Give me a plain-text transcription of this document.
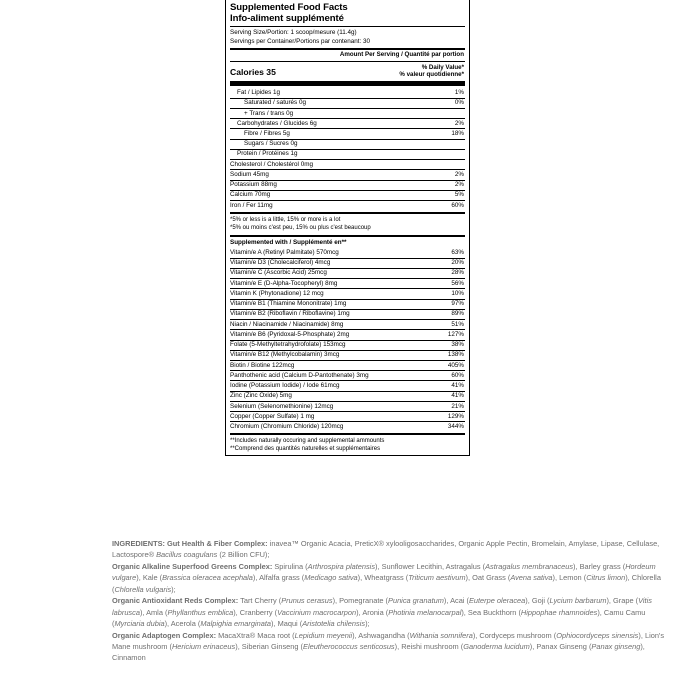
Supplemented Food Facts
Info-aliment supplémenté
Serving Size/Portion: 1 scoop/mesure (11.4g)
Servings per Container/Portions par contenant: 30
Amount Per Serving / Quantité par portion
Calories 35	% Daily Value*
% valeur quotidienne*
Fat / Lipides 1g	1%
Saturated / saturés 0g	0%
+ Trans / trans 0g
Carbohydrates / Glucides 6g	2%
Fibre / Fibres 5g	18%
Sugars / Sucres 0g
Protein / Protéines 1g
Cholesterol / Cholestérol 0mg
Sodium 45mg	2%
Potassium 88mg	2%
Calcium 70mg	5%
Iron / Fer 11mg	60%
*5% or less is a little, 15% or more is a lot
*5% ou moins c'est peu, 15% ou plus c'est beaucoup
Supplemented with / Supplémenté en**
Vitamin/e A (Retinyl Palmitate) 570mcg	63%
Vitamin/e D3 (Cholecalciferol) 4mcg	20%
Vitamin/e C (Ascorbic Acid) 25mcg	28%
Vitamin/e E (D-Alpha-Tocopheryl) 8mg	56%
Vitamin K (Phytonadione) 12 mcg	10%
Vitamin/e B1 (Thiamine Mononitrate) 1mg	97%
Vitamin/e B2 (Riboflavin / Riboflavine) 1mg	89%
Niacin / Niacinamide / Niacinamide) 8mg	51%
Vitamin/e B6 (Pyridoxal-5-Phosphate) 2mg	127%
Folate (5-Methyltetrahydrofolate) 153mcg	38%
Vitamin/e B12 (Methylcobalamin) 3mcg	138%
Biotin / Biotine 122mcg	405%
Panthothenic acid (Calcium D-Pantothenate) 3mg	60%
Iodine (Potassium Iodide) / Iode 61mcg	41%
Zinc (Zinc Oxide) 5mg	41%
Selenium (Selenomethionine) 12mcg	21%
Copper (Copper Sulfate) 1 mg	129%
Chromium (Chromium Chloride) 120mcg	344%
**Includes naturally occuring and supplemental ammounts
**Comprend des quantités naturelles et supplémentaires

INGREDIENTS: Gut Health & Fiber Complex: inavea™ Organic Acacia, PreticX® xylooligosaccharides, Organic Apple Pectin, Bromelain, Amylase, Lipase, Cellulase, Lactospore® Bacillus coagulans (2 Billion CFU);

Organic Alkaline Superfood Greens Complex: Spirulina (Arthrospira platensis), Sunflower Lecithin, Astragalus (Astragalus membranaceus), Barley grass (Hordeum vulgare), Kale (Brassica oleracea acephala), Alfalfa grass (Medicago sativa), Wheatgrass (Triticum aestivum), Oat Grass (Avena sativa), Lemon (Citrus limon), Chlorella (Chlorella vulgaris);

Organic Antioxidant Reds Complex: Tart Cherry (Prunus cerasus), Pomegranate (Punica granatum), Acai (Euterpe oleracea), Goji (Lycium barbarum), Grape (Vitis labrusca), Amla (Phyllanthus emblica), Cranberry (Vaccinium macrocarpon), Aronia (Photinia melanocarpal), Sea Buckthorn (Hippophae rhamnoides), Camu Camu (Myrciaria dubia), Acerola (Malpighia emarginata), Maqui (Aristotelia chilensis);

Organic Adaptogen Complex: MacaXtra® Maca root (Lepidium meyenii), Ashwagandha (Withania somnifera), Cordyceps mushroom (Ophiocordyceps sinensis), Lion's Mane mushroom (Hericium erinaceus), Siberian Ginseng (Eleutherococcus senticosus), Reishi mushroom (Ganoderma lucidum), Panax Ginseng (Panax ginseng), Cinnamon
